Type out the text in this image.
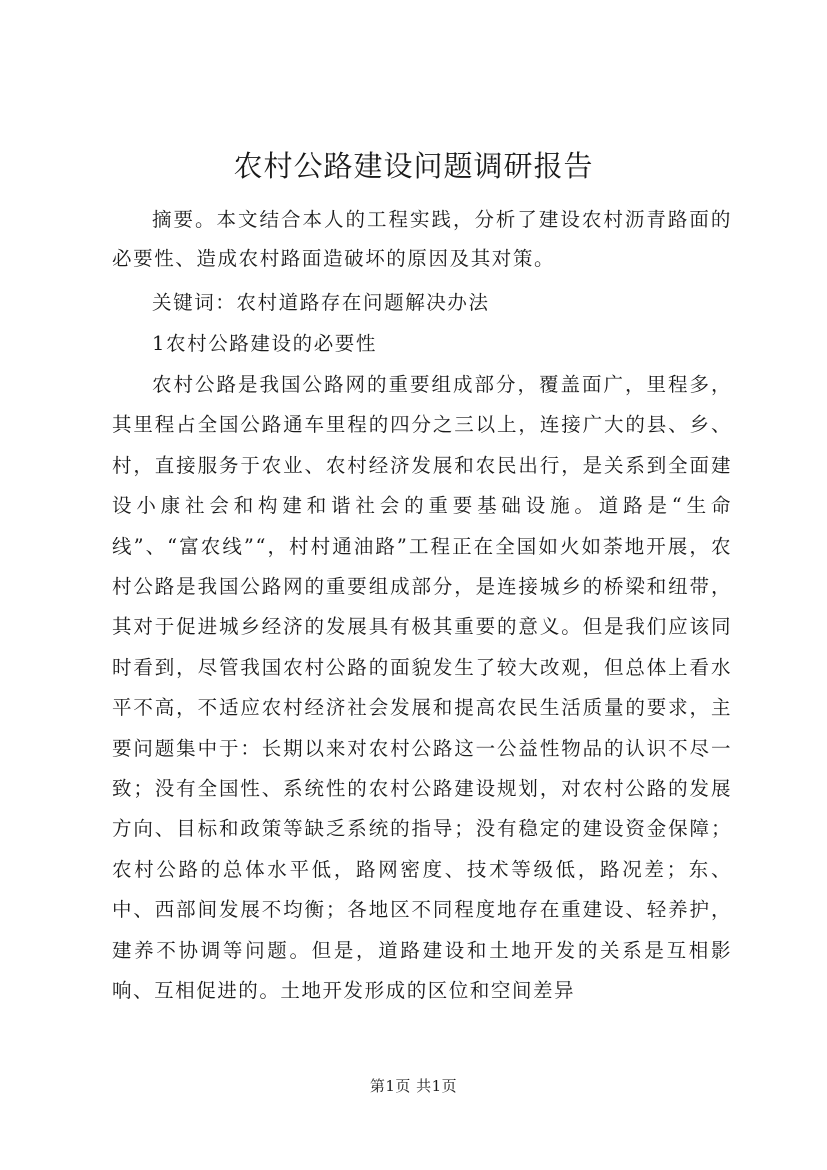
农村公路建设问题调研报告

摘要。本文结合本人的工程实践，分析了建设农村沥青路面的必要性、造成农村路面造破坏的原因及其对策。

关键词：农村道路存在问题解决办法

1农村公路建设的必要性

农村公路是我国公路网的重要组成部分，覆盖面广，里程多，其里程占全国公路通车里程的四分之三以上，连接广大的县、乡、村，直接服务于农业、农村经济发展和农民出行，是关系到全面建设小康社会和构建和谐社会的重要基础设施。道路是“生命线”、“富农线”“，村村通油路”工程正在全国如火如荼地开展，农村公路是我国公路网的重要组成部分，是连接城乡的桥梁和纽带，其对于促进城乡经济的发展具有极其重要的意义。但是我们应该同时看到，尽管我国农村公路的面貌发生了较大改观，但总体上看水平不高，不适应农村经济社会发展和提高农民生活质量的要求，主要问题集中于：长期以来对农村公路这一公益性物品的认识不尽一致；没有全国性、系统性的农村公路建设规划，对农村公路的发展方向、目标和政策等缺乏系统的指导；没有稳定的建设资金保障；农村公路的总体水平低，路网密度、技术等级低，路况差；东、中、西部间发展不均衡；各地区不同程度地存在重建设、轻养护，建养不协调等问题。但是，道路建设和土地开发的关系是互相影响、互相促进的。土地开发形成的区位和空间差异

第1页 共1页
